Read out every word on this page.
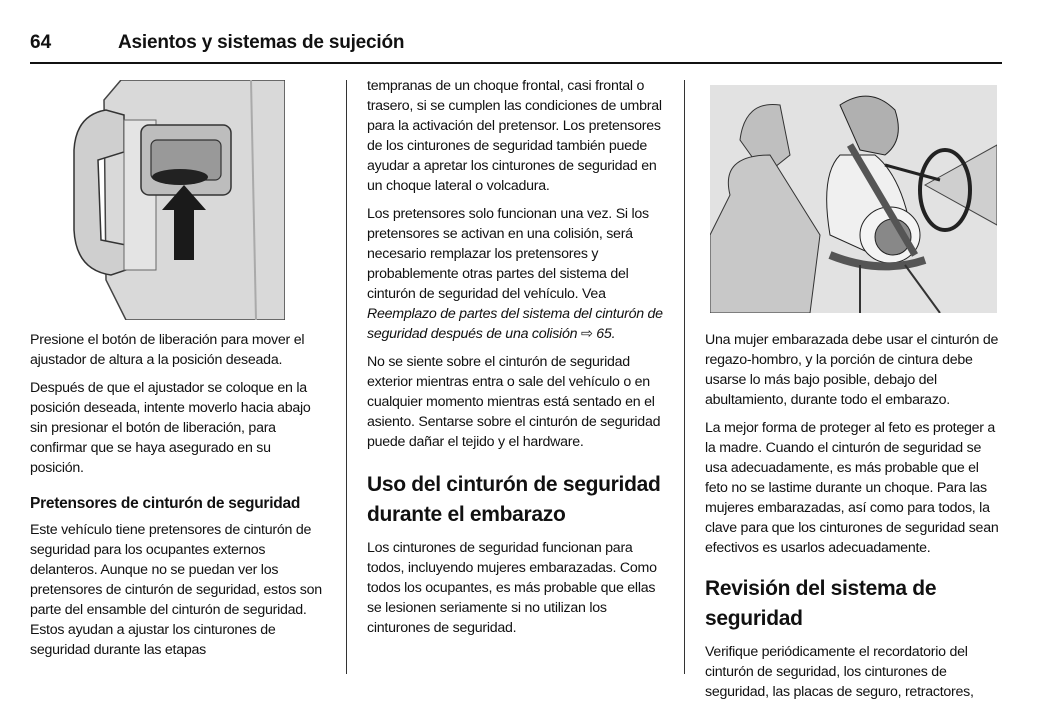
64	Asientos y sistemas de sujeción

Presione el botón de liberación para mover el ajustador de altura a la posición deseada.

Después de que el ajustador se coloque en la posición deseada, intente moverlo hacia abajo sin presionar el botón de liberación, para confirmar que se haya asegurado en su posición.

Pretensores de cinturón de seguridad

Este vehículo tiene pretensores de cinturón de seguridad para los ocupantes externos delanteros. Aunque no se puedan ver los pretensores de cinturón de seguridad, estos son parte del ensamble del cinturón de seguridad. Estos ayudan a ajustar los cinturones de seguridad durante las etapas

tempranas de un choque frontal, casi frontal o trasero, si se cumplen las condiciones de umbral para la activación del pretensor. Los pretensores de los cinturones de seguridad también puede ayudar a apretar los cinturones de seguridad en un choque lateral o volcadura.

Los pretensores solo funcionan una vez. Si los pretensores se activan en una colisión, será necesario remplazar los pretensores y probablemente otras partes del sistema del cinturón de seguridad del vehículo. Vea Reemplazo de partes del sistema del cinturón de seguridad después de una colisión ⇨ 65.

No se siente sobre el cinturón de seguridad exterior mientras entra o sale del vehículo o en cualquier momento mientras está sentado en el asiento. Sentarse sobre el cinturón de seguridad puede dañar el tejido y el hardware.

Uso del cinturón de seguridad durante el embarazo

Los cinturones de seguridad funcionan para todos, incluyendo mujeres embarazadas. Como todos los ocupantes, es más probable que ellas se lesionen seriamente si no utilizan los cinturones de seguridad.

Una mujer embarazada debe usar el cinturón de regazo-hombro, y la porción de cintura debe usarse lo más bajo posible, debajo del abultamiento, durante todo el embarazo.

La mejor forma de proteger al feto es proteger a la madre. Cuando el cinturón de seguridad se usa adecuadamente, es más probable que el feto no se lastime durante un choque. Para las mujeres embarazadas, así como para todos, la clave para que los cinturones de seguridad sean efectivos es usarlos adecuadamente.

Revisión del sistema de seguridad

Verifique periódicamente el recordatorio del cinturón de seguridad, los cinturones de seguridad, las placas de seguro, retractores,
